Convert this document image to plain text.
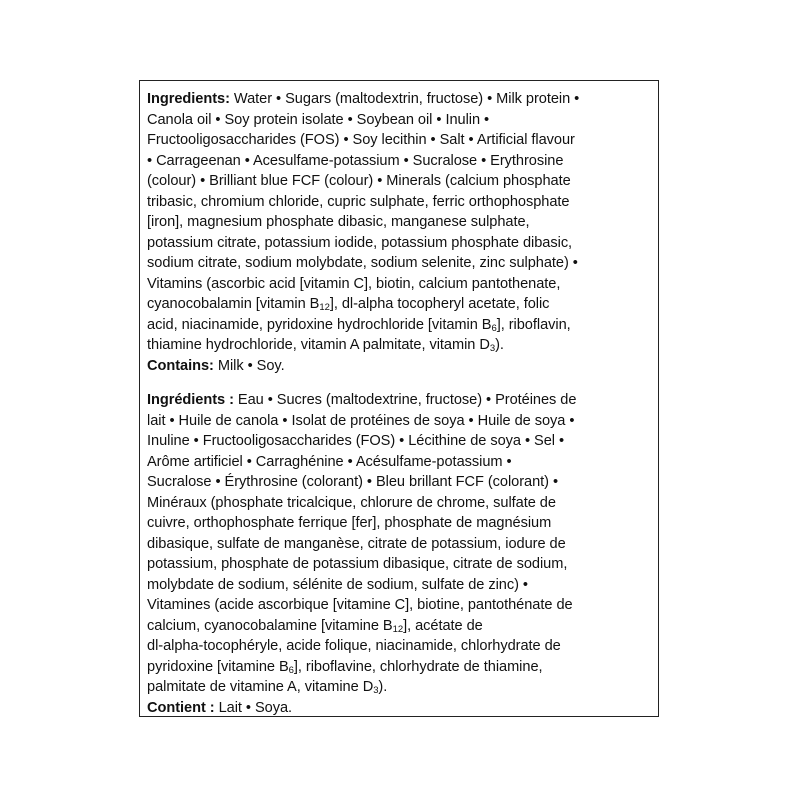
Ingredients: Water • Sugars (maltodextrin, fructose) • Milk protein •

Canola oil • Soy protein isolate • Soybean oil • Inulin •

Fructooligosaccharides (FOS) • Soy lecithin • Salt • Artificial flavour

• Carrageenan • Acesulfame-potassium • Sucralose • Erythrosine

(colour) • Brilliant blue FCF (colour) • Minerals (calcium phosphate

tribasic, chromium chloride, cupric sulphate, ferric orthophosphate

[iron], magnesium phosphate dibasic, manganese sulphate,

potassium citrate, potassium iodide, potassium phosphate dibasic,

sodium citrate, sodium molybdate, sodium selenite, zinc sulphate) •

Vitamins (ascorbic acid [vitamin C], biotin, calcium pantothenate,

cyanocobalamin [vitamin $B_{12}$], dl-alpha tocopheryl acetate, folic

acid, niacinamide, pyridoxine hydrochloride [vitamin $B_6$], riboflavin,

thiamine hydrochloride, vitamin A palmitate, vitamin $D_3$).

Contains: Milk • Soy.

Ingrédients : Eau • Sucres (maltodextrine, fructose) • Protéines de

lait • Huile de canola • Isolat de protéines de soya • Huile de soya •

Inuline • Fructooligosaccharides (FOS) • Lécithine de soya • Sel •

Arôme artificiel • Carraghénine • Acésulfame-potassium •

Sucralose • Érythrosine (colorant) • Bleu brillant FCF (colorant) •

Minéraux (phosphate tricalcique, chlorure de chrome, sulfate de

cuivre, orthophosphate ferrique [fer], phosphate de magnésium

dibasique, sulfate de manganèse, citrate de potassium, iodure de

potassium, phosphate de potassium dibasique, citrate de sodium,

molybdate de sodium, sélénite de sodium, sulfate de zinc) •

Vitamines (acide ascorbique [vitamine C], biotine, pantothénate de

calcium, cyanocobalamine [vitamine $B_{12}$], acétate de

dl-alpha-tocophéryle, acide folique, niacinamide, chlorhydrate de

pyridoxine [vitamine $B_6$], riboflavine, chlorhydrate de thiamine,

palmitate de vitamine A, vitamine $D_3$).

Contient : Lait • Soya.
